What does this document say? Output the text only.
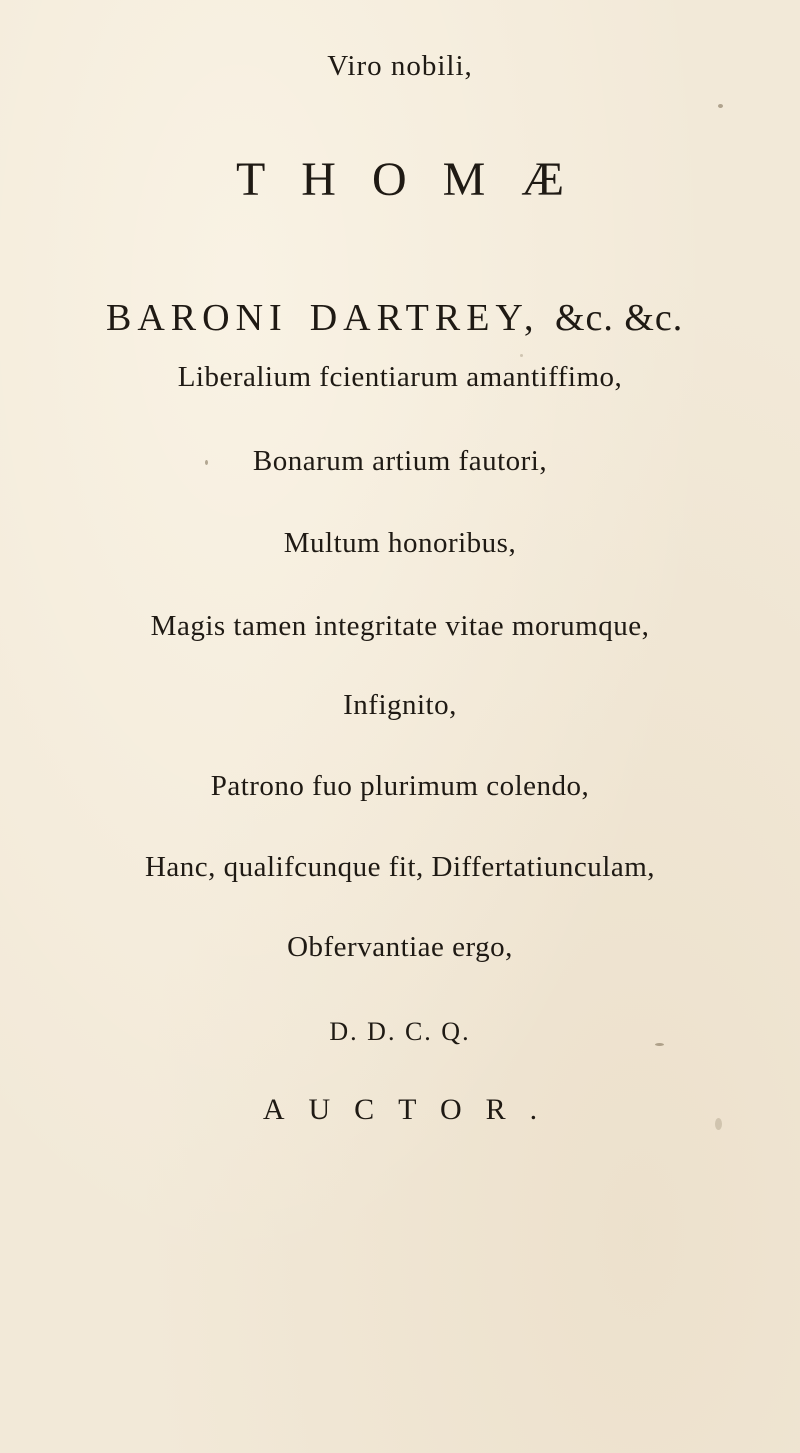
Viro nobili,
THOMÆ
BARONI DARTREY, &c. &c.
Liberalium fcientiarum amantiffimo,
Bonarum artium fautori,
Multum honoribus,
Magis tamen integritate vitae morumque,
Infignito,
Patrono fuo plurimum colendo,
Hanc, qualifcunque fit, Differtatiunculam,
Obfervantiae ergo,
D. D. C. Q.
AUCTOR.
